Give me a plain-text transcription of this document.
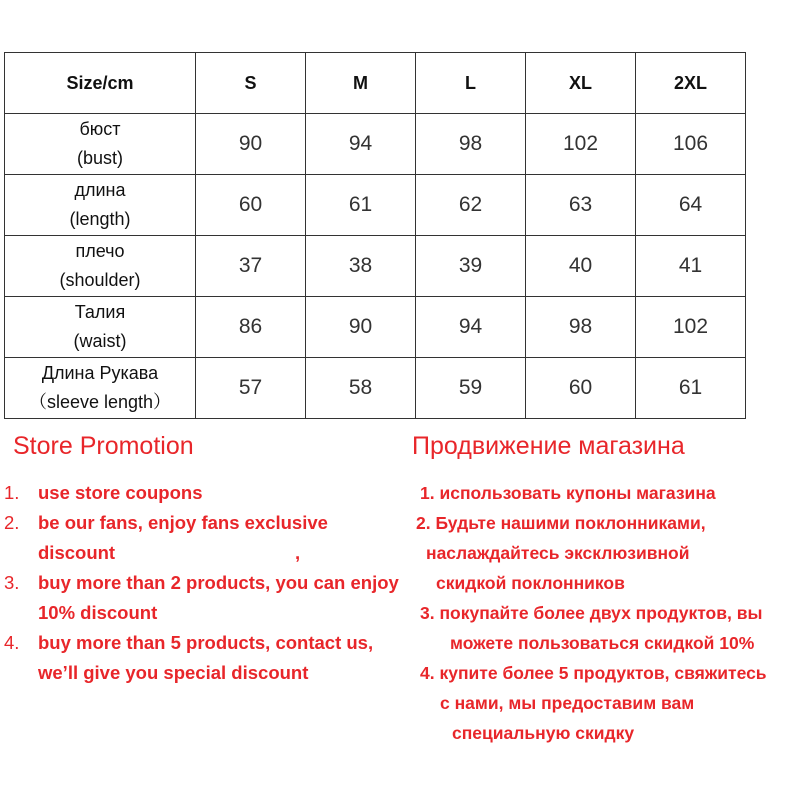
Size/cm	S	M	L	XL	2XL

бюст
(bust)	90	94	98	102	106

длина
(length)	60	61	62	63	64

плечо
(shoulder)	37	38	39	40	41

Талия
(waist)	86	90	94	98	102

Длина Рукава
（sleeve length）	57	58	59	60	61
Store Promotion	Продвижение магазина
1. use store coupons
2. be our fans, enjoy fans exclusive
discount                                   ,
3. buy more than 2 products, you can enjoy
10% discount
4. buy more than 5 products, contact us,
we’ll give you special discount
1. использовать купоны магазина
2. Будьте нашими поклонниками,
наслаждайтесь эксклюзивной
скидкой поклонников
3. покупайте более двух продуктов, вы
можете пользоваться скидкой 10%
4. купите более 5 продуктов, свяжитесь
с нами, мы предоставим вам
специальную скидку
